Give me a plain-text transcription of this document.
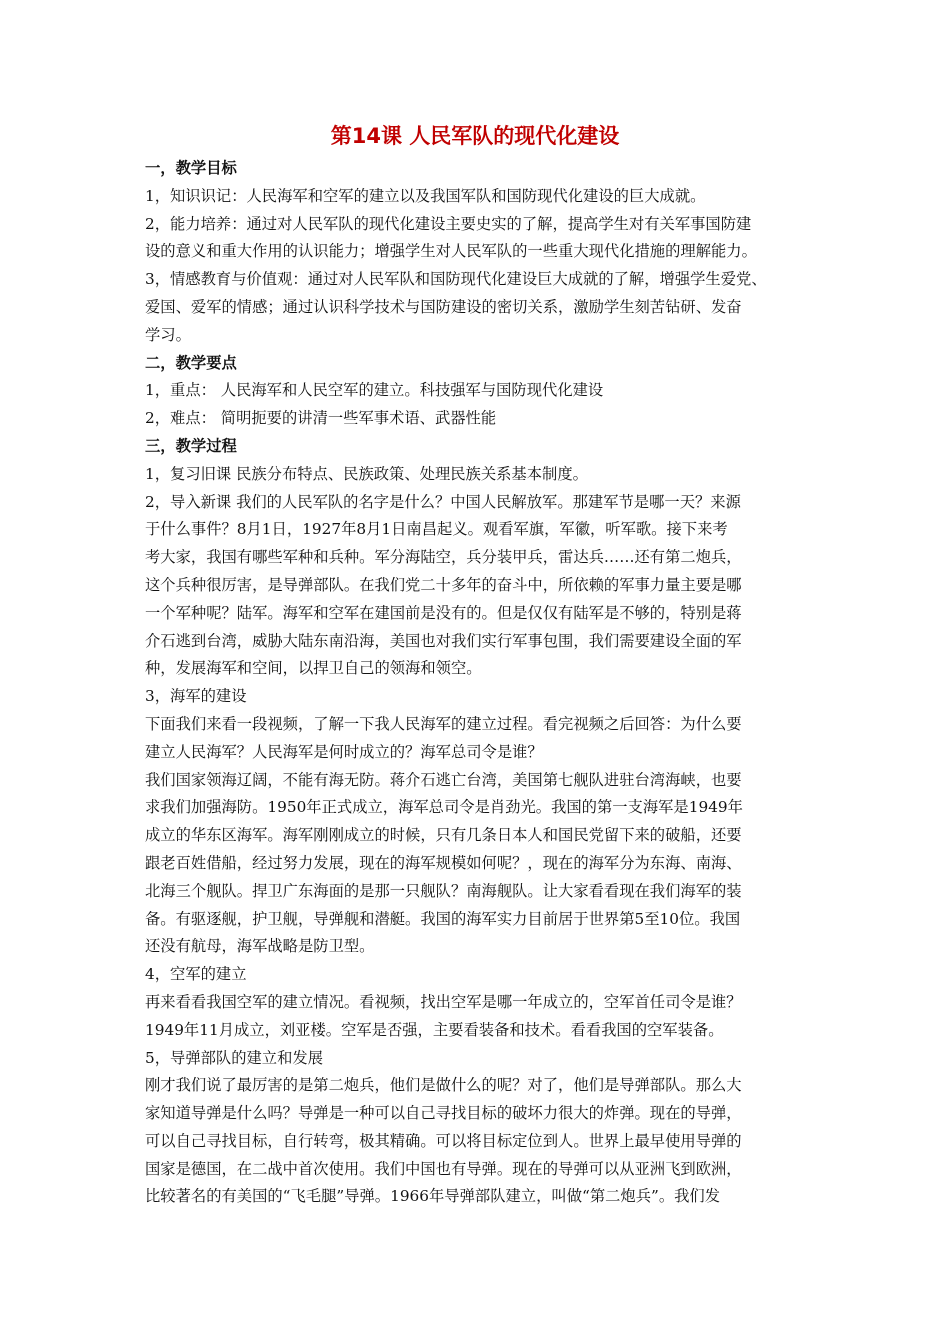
第14课 人民军队的现代化建设
一，教学目标
1，知识识记：人民海军和空军的建立以及我国军队和国防现代化建设的巨大成就。
2，能力培养：通过对人民军队的现代化建设主要史实的了解，提高学生对有关军事国防建
设的意义和重大作用的认识能力；增强学生对人民军队的一些重大现代化措施的理解能力。
3，情感教育与价值观：通过对人民军队和国防现代化建设巨大成就的了解，增强学生爱党、
爱国、爱军的情感；通过认识科学技术与国防建设的密切关系，激励学生刻苦钻研、发奋
学习。
二，教学要点
1，重点： 人民海军和人民空军的建立。科技强军与国防现代化建设
2，难点： 简明扼要的讲清一些军事术语、武器性能
三，教学过程
1，复习旧课 民族分布特点、民族政策、处理民族关系基本制度。
2，导入新课 我们的人民军队的名字是什么？中国人民解放军。那建军节是哪一天？来源
于什么事件？8月1日，1927年8月1日南昌起义。观看军旗，军徽，听军歌。接下来考
考大家，我国有哪些军种和兵种。军分海陆空，兵分装甲兵，雷达兵……还有第二炮兵，
这个兵种很厉害，是导弹部队。在我们党二十多年的奋斗中，所依赖的军事力量主要是哪
一个军种呢？陆军。海军和空军在建国前是没有的。但是仅仅有陆军是不够的，特别是蒋
介石逃到台湾，威胁大陆东南沿海，美国也对我们实行军事包围，我们需要建设全面的军
种，发展海军和空间，以捍卫自己的领海和领空。
3，海军的建设
下面我们来看一段视频，了解一下我人民海军的建立过程。看完视频之后回答：为什么要
建立人民海军？人民海军是何时成立的？海军总司令是谁？
我们国家领海辽阔，不能有海无防。蒋介石逃亡台湾，美国第七舰队进驻台湾海峡，也要
求我们加强海防。1950年正式成立，海军总司令是肖劲光。我国的第一支海军是1949年
成立的华东区海军。海军刚刚成立的时候，只有几条日本人和国民党留下来的破船，还要
跟老百姓借船，经过努力发展，现在的海军规模如何呢？，现在的海军分为东海、南海、
北海三个舰队。捍卫广东海面的是那一只舰队？南海舰队。让大家看看现在我们海军的装
备。有驱逐舰，护卫舰，导弹舰和潜艇。我国的海军实力目前居于世界第5至10位。我国
还没有航母，海军战略是防卫型。
4，空军的建立
再来看看我国空军的建立情况。看视频，找出空军是哪一年成立的，空军首任司令是谁？
1949年11月成立，刘亚楼。空军是否强，主要看装备和技术。看看我国的空军装备。
5，导弹部队的建立和发展
刚才我们说了最厉害的是第二炮兵，他们是做什么的呢？对了，他们是导弹部队。那么大
家知道导弹是什么吗？导弹是一种可以自己寻找目标的破坏力很大的炸弹。现在的导弹，
可以自己寻找目标，自行转弯，极其精确。可以将目标定位到人。世界上最早使用导弹的
国家是德国，在二战中首次使用。我们中国也有导弹。现在的导弹可以从亚洲飞到欧洲，
比较著名的有美国的“飞毛腿”导弹。1966年导弹部队建立，叫做“第二炮兵”。我们发
